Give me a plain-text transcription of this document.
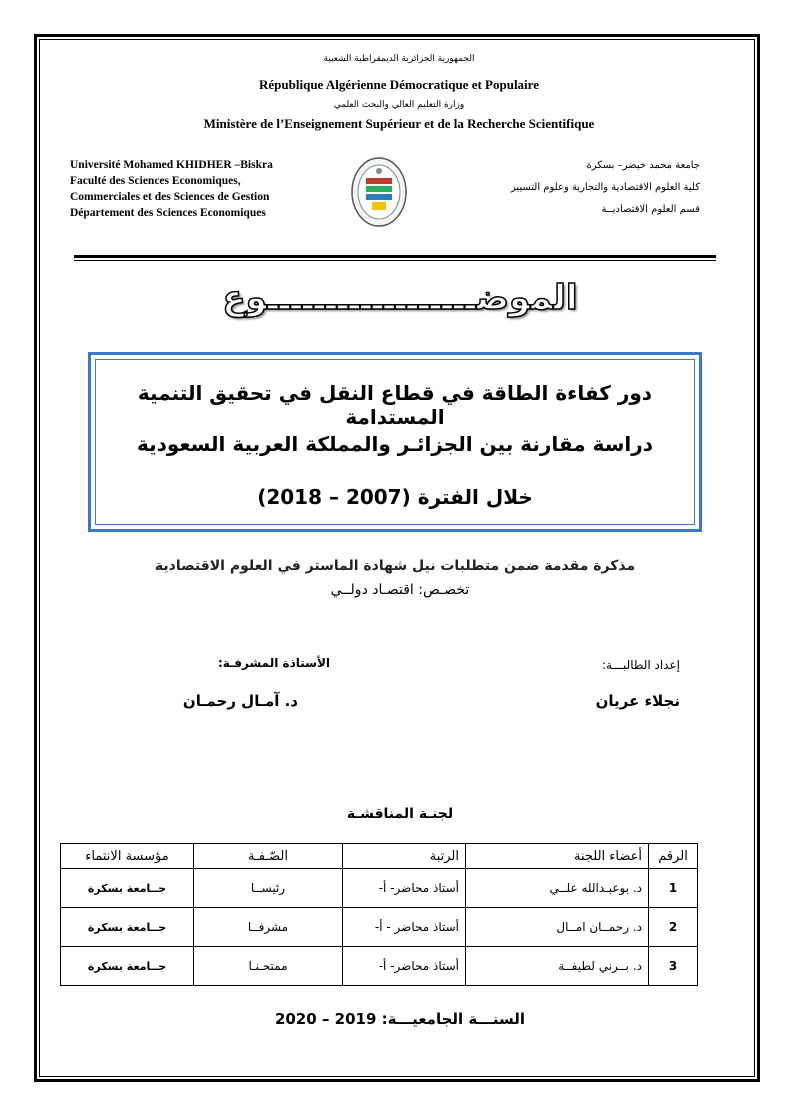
الجمهورية الجزائرية الديمقراطية الشعبية
République Algérienne Démocratique et Populaire
وزارة التعليم العالي والبحث العلمي
Ministère de l’Enseignement Supérieur et de la Recherche Scientifique
Université Mohamed KHIDHER –Biskra
Faculté des Sciences Economiques,
Commerciales et des Sciences de Gestion
Département des Sciences Economiques
جامعة محمد خيضر– بسكرة
كلية العلوم الاقتصادية والتجارية وعلوم التسيير
قسم العلوم الاقتصاديــة
الموضــــــــــــــــــوع
دور كفاءة الطاقة في قطاع النقل في تحقيق التنمية المستدامة
دراسة مقارنة بين الجزائـر والمملكة العربية السعودية
خلال الفترة (2007 – 2018)
مذكرة مقدمة ضمن متطلبات نيل شهادة الماستر في العلوم الاقتصادية
تخصـص: اقتصـاد دولــي
إعداد الطالبـــة:
الأستاذة المشرفـة:
نجلاء عريان
د. آمـال رحمـان
لجنـة المناقشـة
الرقم	أعضاء اللجنة	الرتبة	الصّـفـة	مؤسسة الانتماء
1	د. بوعبـدالله علــي	أستاذ محاضر- أ-	رئيســا	جــامعة بسكرة
2	د. رحمــان امــال	أستاذ محاضر - أ-	مشرفــا	جــامعة بسكرة
3	د. بــرني لطيفــة	أستاذ محاضر- أ-	ممتحـنـا	جــامعة بسكرة
السنـــة الجامعيـــة: 2019 – 2020
